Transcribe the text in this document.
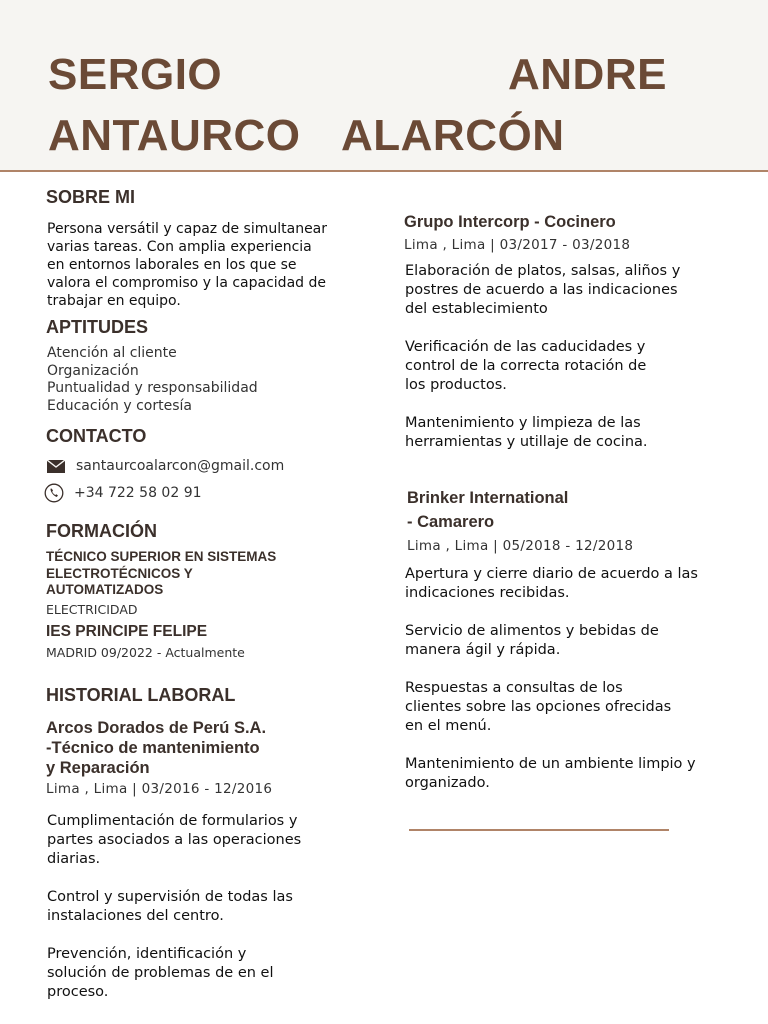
SERGIO	ANDRE
ANTAURCO ALARCÓN
SOBRE MI

Persona versátil y capaz de simultanear

varias tareas. Con amplia experiencia

en entornos laborales en los que se

valora el compromiso y la capacidad de

trabajar en equipo.

APTITUDES
Atención al cliente
Organización
Puntualidad y responsabilidad
Educación y cortesía
CONTACTO
santaurcoalarcon@gmail.com
+34 722 58 02 91
FORMACIÓN
TÉCNICO SUPERIOR EN SISTEMAS
ELECTROTÉCNICOS Y
AUTOMATIZADOS
ELECTRICIDAD
IES PRINCIPE FELIPE
MADRID 09/2022 - Actualmente
HISTORIAL LABORAL
Arcos Dorados de Perú S.A.
-Técnico de mantenimiento
y Reparación
Lima , Lima | 03/2016 - 12/2016

Cumplimentación de formularios y
partes asociados a las operaciones
diarias.

Control y supervisión de todas las
instalaciones del centro.

Prevención, identificación y
solución de problemas de en el
proceso.

Grupo Intercorp - Cocinero
Lima , Lima | 03/2017 - 03/2018

Elaboración de platos, salsas, aliños y
postres de acuerdo a las indicaciones
del establecimiento

Verificación de las caducidades y
control de la correcta rotación de
los productos.

Mantenimiento y limpieza de las
herramientas y utillaje de cocina.

Brinker International
- Camarero
Lima , Lima | 05/2018 - 12/2018

Apertura y cierre diario de acuerdo a las
indicaciones recibidas.

Servicio de alimentos y bebidas de
manera ágil y rápida.

Respuestas a consultas de los
clientes sobre las opciones ofrecidas
en el menú.

Mantenimiento de un ambiente limpio y
organizado.
